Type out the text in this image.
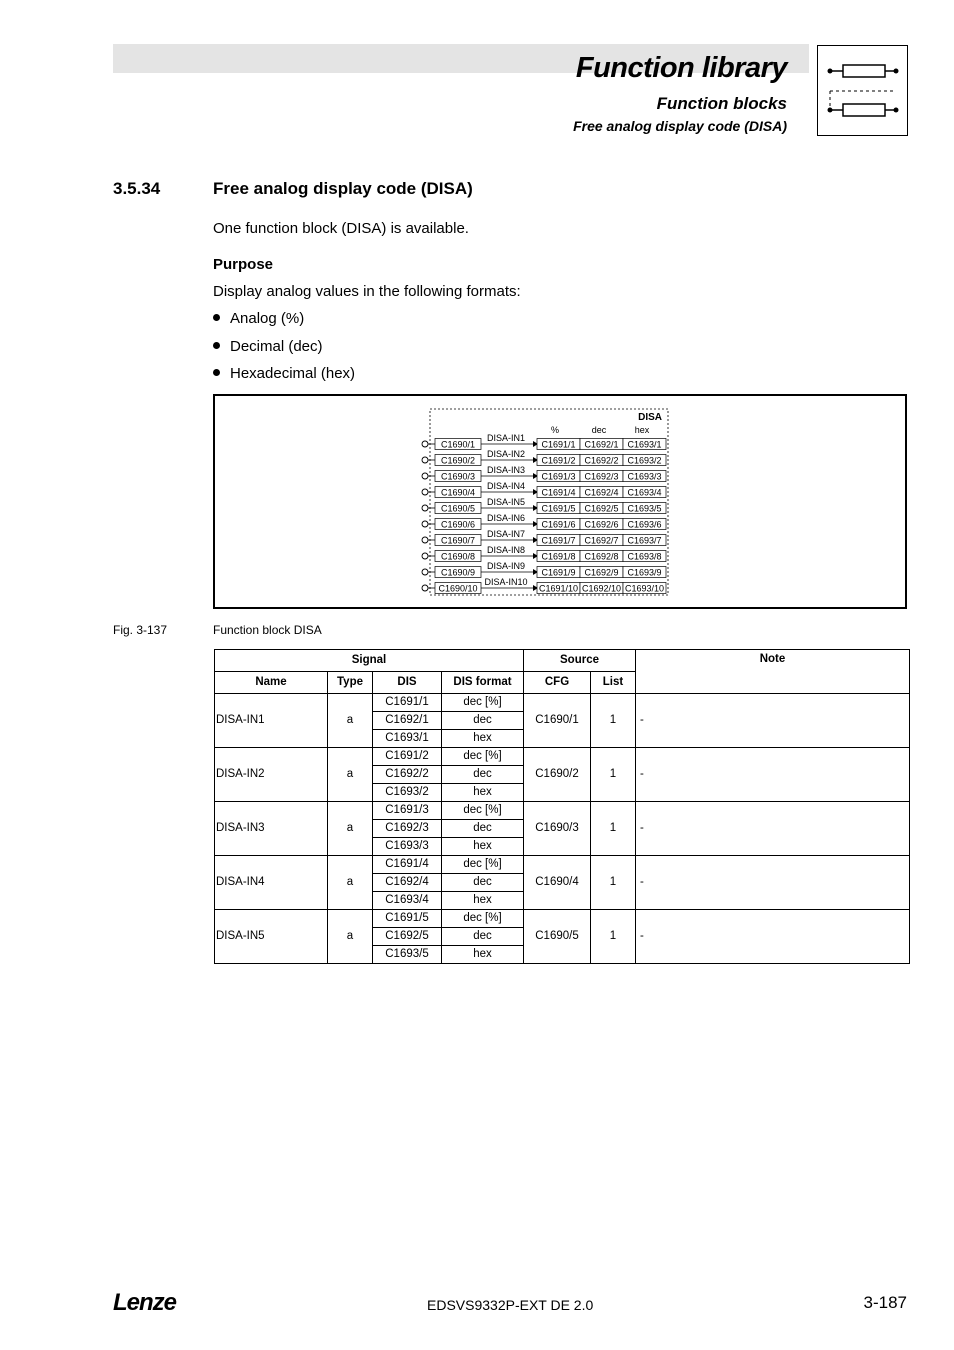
Function library
Function blocks
Free analog display code (DISA)
3.5.34	Free analog display code (DISA)
One function block (DISA) is available.
Purpose
Display analog values in the following formats:
Analog (%)
Decimal (dec)
Hexadecimal (hex)
DISA
%	dec	hex
C1690/1
DISA-IN1
C1691/1 C1692/1 C1693/1
C1690/2
DISA-IN2
C1691/2 C1692/2 C1693/2
C1690/3
DISA-IN3
C1691/3 C1692/3 C1693/3
C1690/4
DISA-IN4
C1691/4 C1692/4 C1693/4
C1690/5
DISA-IN5
C1691/5 C1692/5 C1693/5
C1690/6
DISA-IN6
C1691/6 C1692/6 C1693/6
C1690/7
DISA-IN7
C1691/7 C1692/7 C1693/7
C1690/8
DISA-IN8
C1691/8 C1692/8 C1693/8
C1690/9
DISA-IN9
C1691/9 C1692/9 C1693/9
C1690/10
DISA-IN10
C1691/10 C1692/10 C1693/10
Fig. 3-137	Function block DISA
Signal				Source		Note
Name	Type	DIS	DIS format	CFG	List	
DISA-IN1	a	C1691/1	dec [%]	C1690/1	1	-
		C1692/1	dec			
		C1693/1	hex			
DISA-IN2	a	C1691/2	dec [%]	C1690/2	1	-
		C1692/2	dec			
		C1693/2	hex			
DISA-IN3	a	C1691/3	dec [%]	C1690/3	1	-
		C1692/3	dec			
		C1693/3	hex			
DISA-IN4	a	C1691/4	dec [%]	C1690/4	1	-
		C1692/4	dec			
		C1693/4	hex			
DISA-IN5	a	C1691/5	dec [%]	C1690/5	1	-
		C1692/5	dec			
		C1693/5	hex			
Lenze	EDSVS9332P-EXT DE 2.0	3-187
